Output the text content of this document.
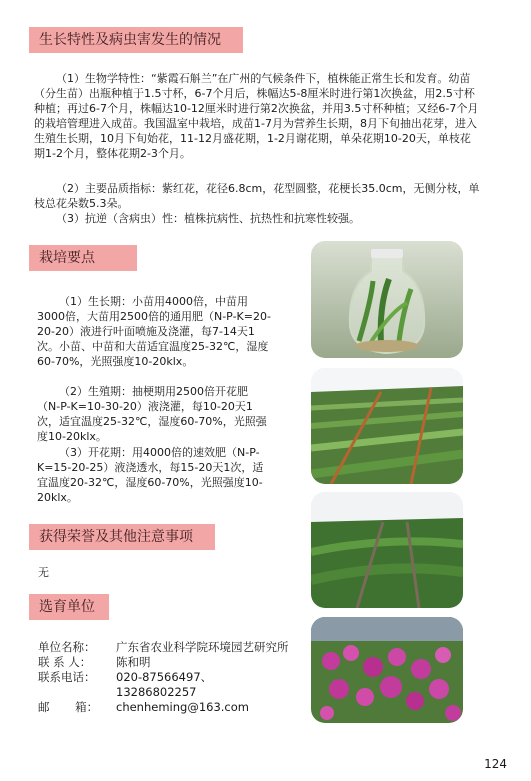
生长特性及病虫害发生的情况

（1）生物学特性：“紫霞石斛兰”在广州的气候条件下，植株能正常生长和发育。幼苗（分生苗）出瓶种植于1.5寸杯，6-7个月后，株幅达5-8厘米时进行第1次换盆，用2.5寸杯种植；再过6-7个月，株幅达10-12厘米时进行第2次换盆，并用3.5寸杯种植；又经6-7个月的栽培管理进入成苗。我国温室中栽培，成苗1-7月为营养生长期，8月下旬抽出花芽，进入生殖生长期，10月下旬始花，11-12月盛花期，1-2月谢花期，单朵花期10-20天，单枝花期1-2个月，整体花期2-3个月。

（2）主要品质指标：紫红花，花径6.8cm，花型圆整，花梗长35.0cm，无侧分枝，单枝总花朵数5.3朵。

（3）抗逆（含病虫）性：植株抗病性、抗热性和抗寒性较强。

栽培要点

（1）生长期：小苗用4000倍，中苗用3000倍，大苗用2500倍的通用肥（N-P-K=20-20-20）液进行叶面喷施及浇灌，每7-14天1次。小苗、中苗和大苗适宜温度25-32℃，湿度60-70%，光照强度10-20klx。

（2）生殖期：抽梗期用2500倍开花肥（N-P-K=10-30-20）液浇灌，每10-20天1次，适宜温度25-32℃，湿度60-70%，光照强度10-20klx。

（3）开花期：用4000倍的速效肥（N-P-K=15-20-25）液浇透水，每15-20天1次，适宜温度20-32℃，湿度60-70%，光照强度10-20klx。

获得荣誉及其他注意事项

无

选育单位
单位名称：	广东省农业科学院环境园艺研究所
联 系 人：	陈和明
联系电话：	020-87566497、
13286802257
邮       箱：	chenheming@163.com
124
